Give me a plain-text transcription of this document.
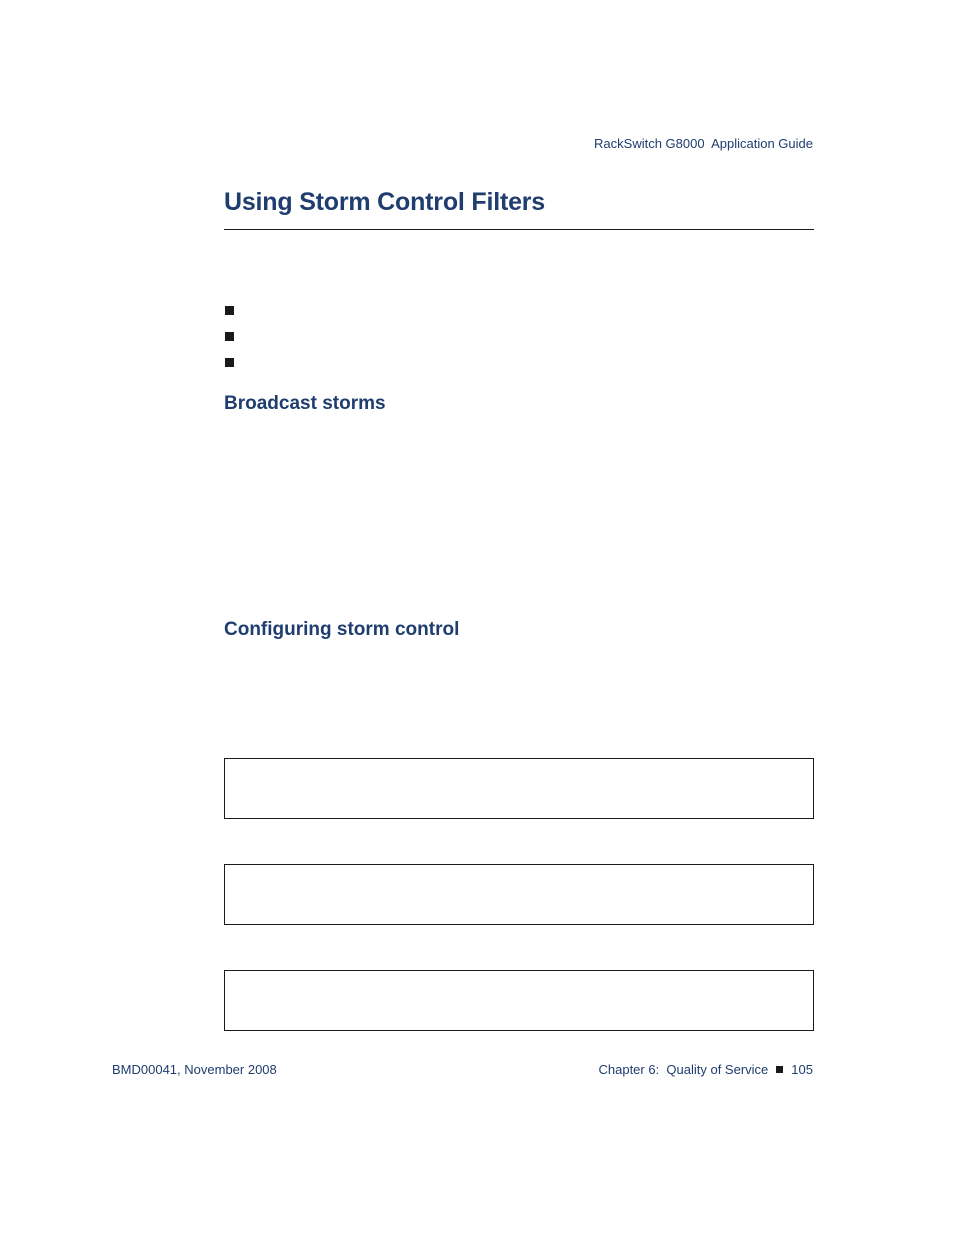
RackSwitch G8000  Application Guide
Using Storm Control Filters
Broadcast storms
Configuring storm control
BMD00041, November 2008	Chapter 6:  Quality of Service 105
